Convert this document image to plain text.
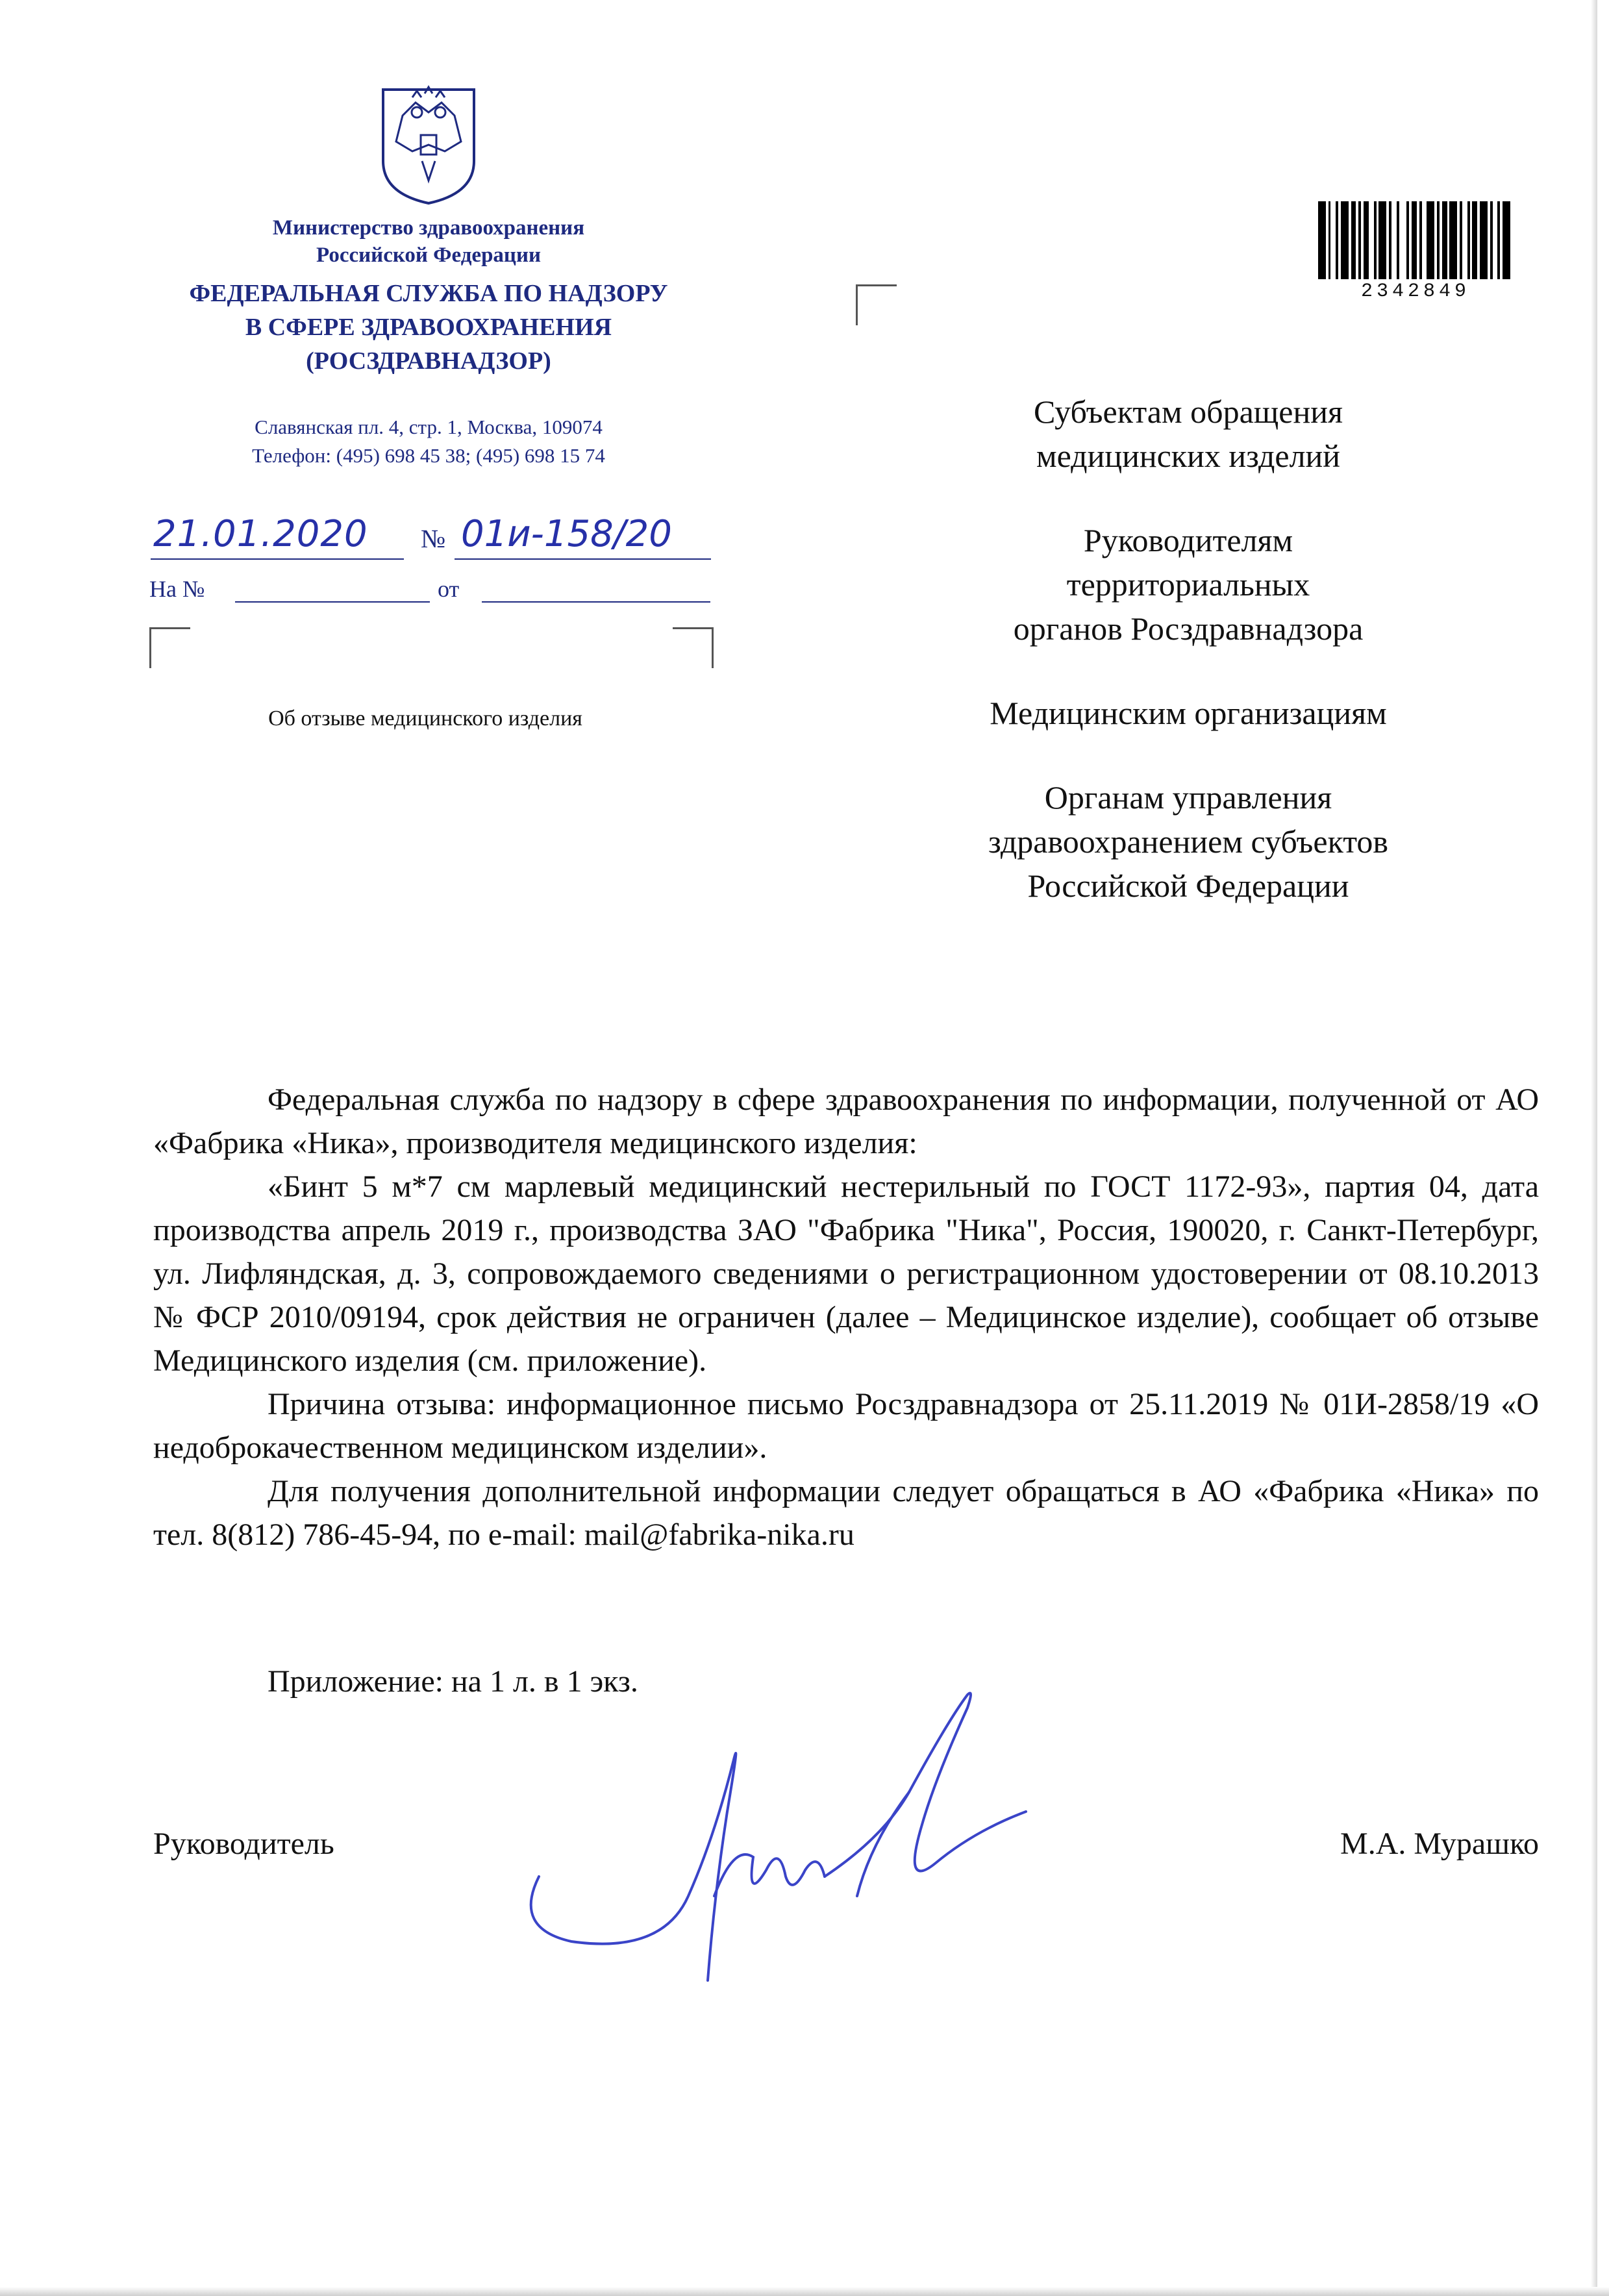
Министерство здравоохранения
Российской Федерации
ФЕДЕРАЛЬНАЯ СЛУЖБА ПО НАДЗОРУ
В СФЕРЕ ЗДРАВООХРАНЕНИЯ
(РОСЗДРАВНАДЗОР)
Славянская пл. 4, стр. 1, Москва, 109074
Телефон: (495) 698 45 38; (495) 698 15 74
21.01.2020 № 01и-158/20
На №	от
Об отзыве медицинского изделия
2342849
Субъектам обращения
медицинских изделий
Руководителям
территориальных
органов Росздравнадзора
Медицинским организациям
Органам управления
здравоохранением субъектов
Российской Федерации

Федеральная служба по надзору в сфере здравоохранения по информации, полученной от АО «Фабрика «Ника», производителя медицинского изделия:

«Бинт 5 м*7 см марлевый медицинский нестерильный по ГОСТ 1172-93», партия 04, дата производства апрель 2019 г., производства ЗАО "Фабрика "Ника", Россия, 190020, г. Санкт-Петербург, ул. Лифляндская, д. 3, сопровождаемого сведениями о регистрационном удостоверении от 08.10.2013 № ФСР 2010/09194, срок действия не ограничен (далее – Медицинское изделие), сообщает об отзыве Медицинского изделия (см. приложение).

Причина отзыва: информационное письмо Росздравнадзора от 25.11.2019 № 01И-2858/19 «О недоброкачественном медицинском изделии».

Для получения дополнительной информации следует обращаться в АО «Фабрика «Ника» по тел. 8(812) 786-45-94, по e-mail: mail@fabrika-nika.ru

Приложение: на 1 л. в 1 экз.
Руководитель	М.А. Мурашко
